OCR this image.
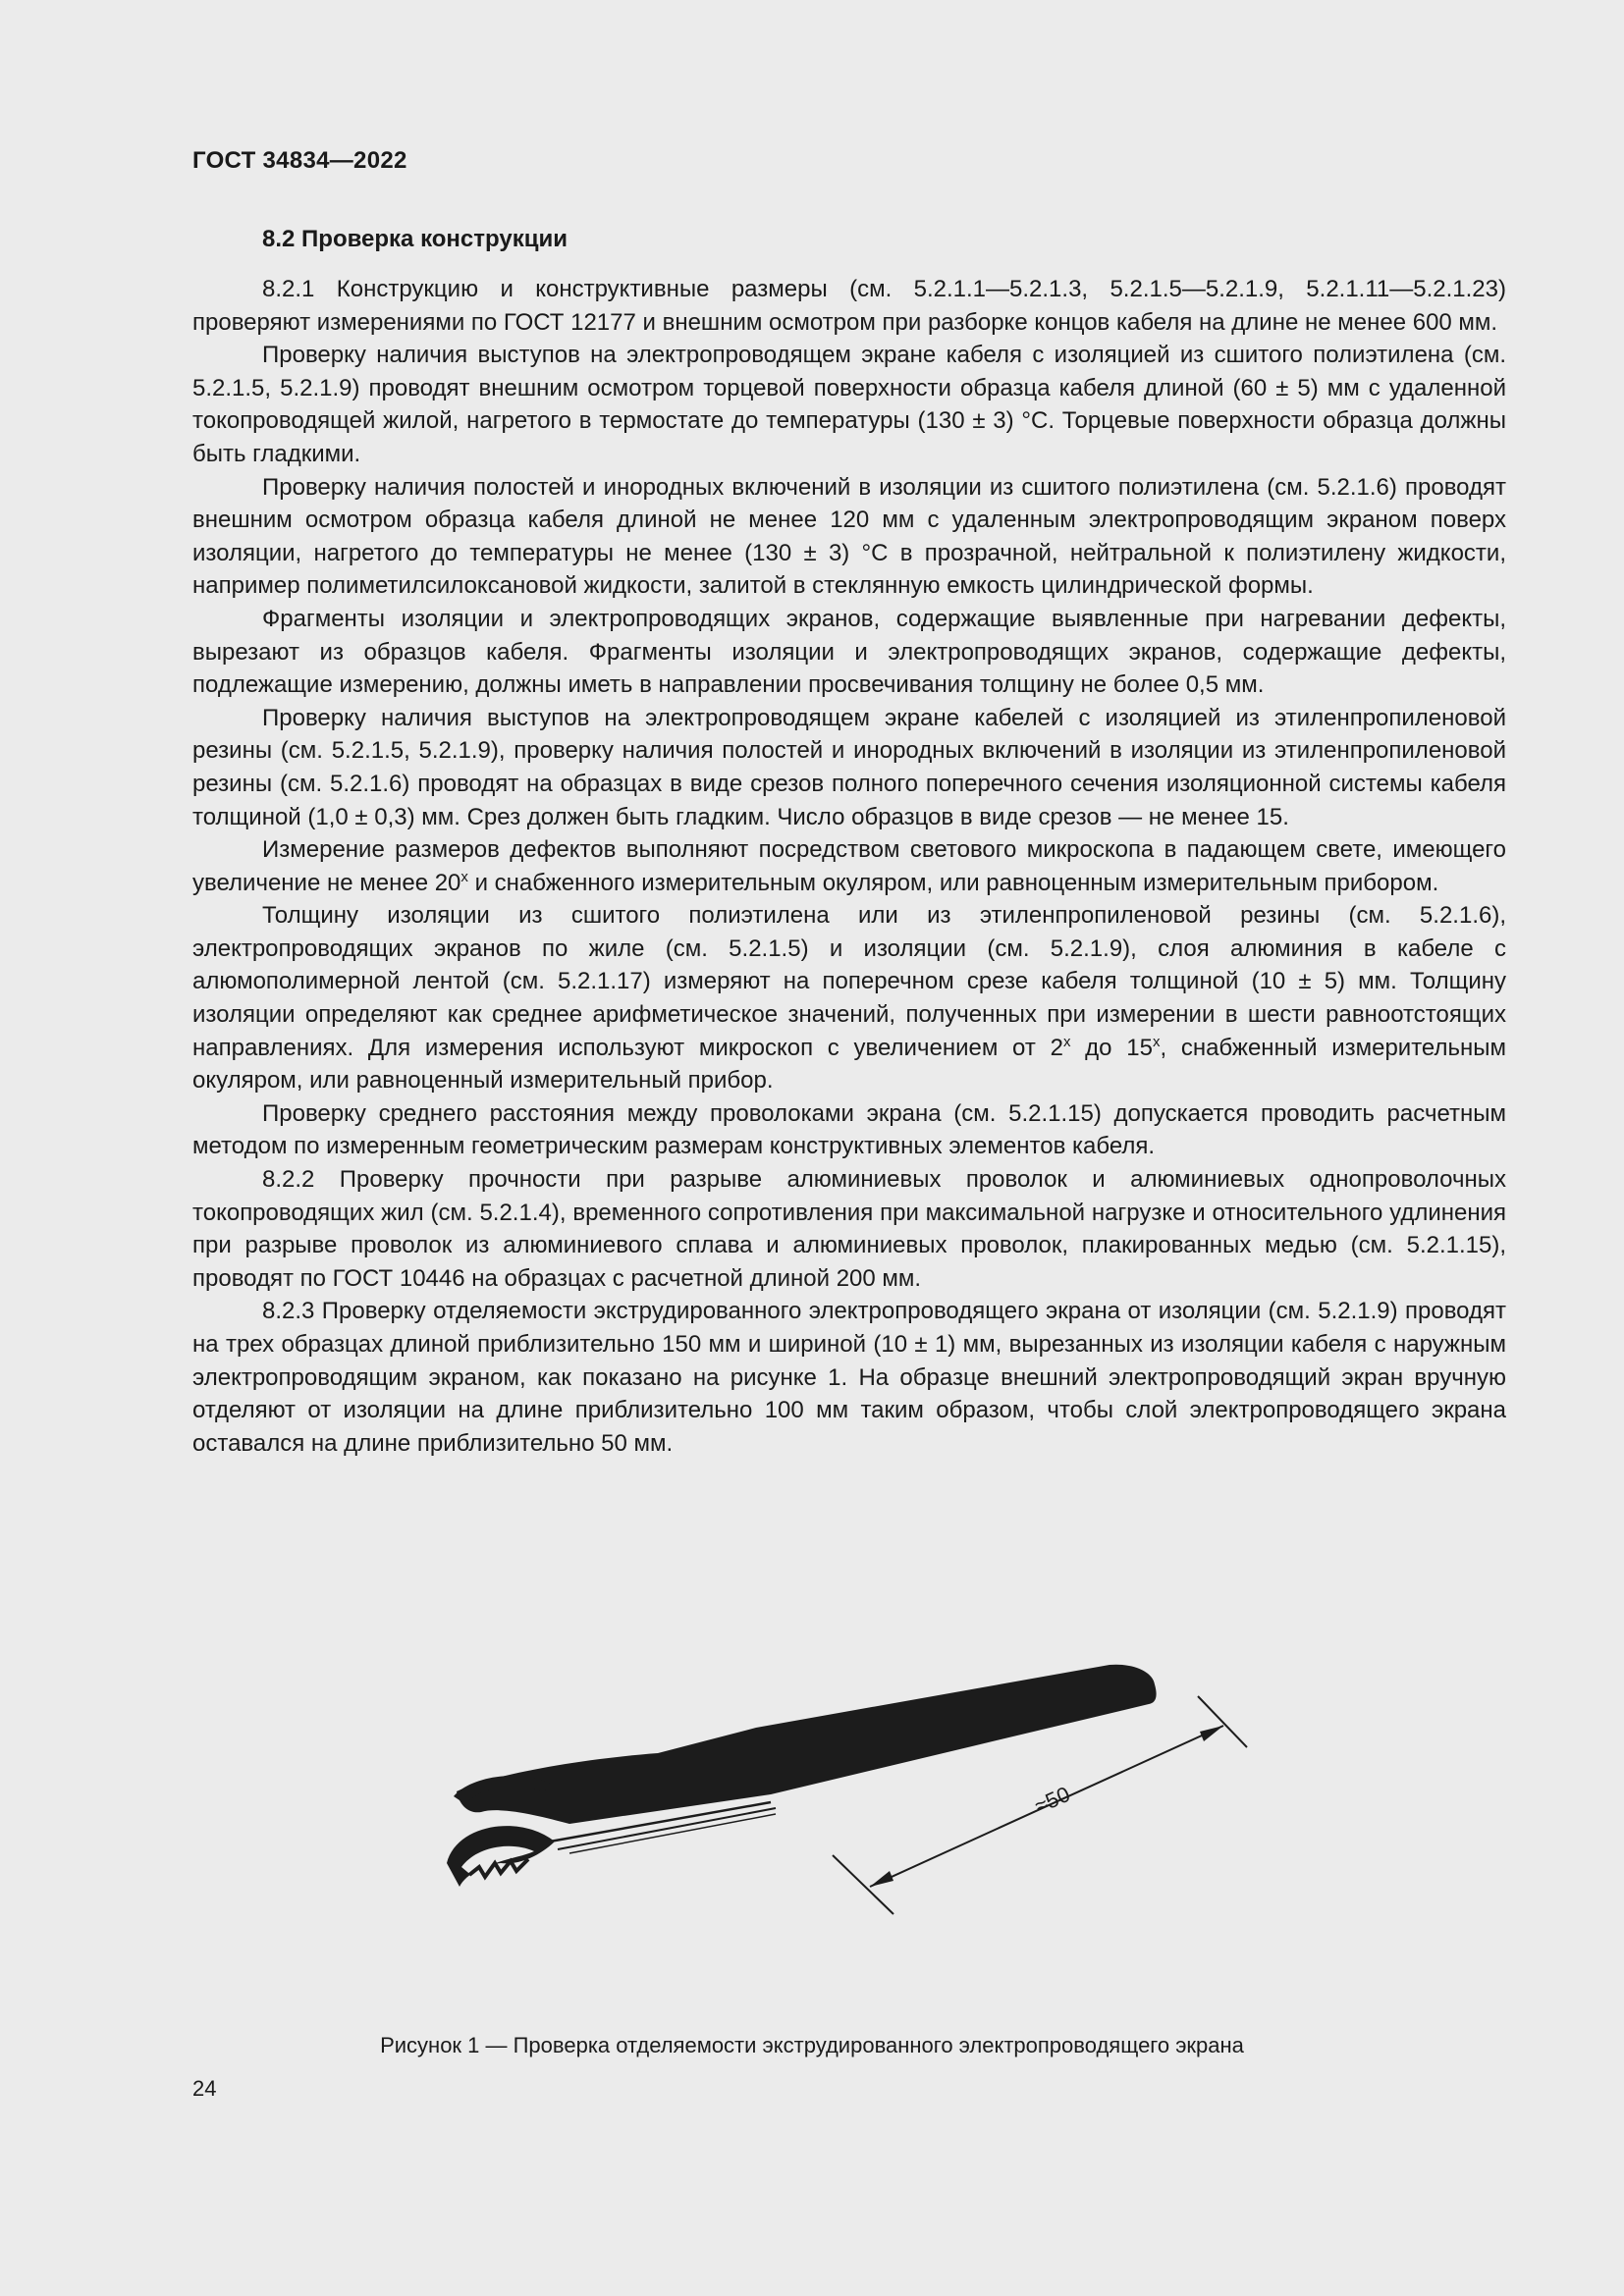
ГОСТ 34834—2022
8.2 Проверка конструкции

8.2.1 Конструкцию и конструктивные размеры (см. 5.2.1.1—5.2.1.3, 5.2.1.5—5.2.1.9, 5.2.1.11—5.2.1.23) проверяют измерениями по ГОСТ 12177 и внешним осмотром при разборке концов кабеля на длине не менее 600 мм.

Проверку наличия выступов на электропроводящем экране кабеля с изоляцией из сшитого полиэтилена (см. 5.2.1.5, 5.2.1.9) проводят внешним осмотром торцевой поверхности образца кабеля длиной (60 ± 5) мм с удаленной токопроводящей жилой, нагретого в термостате до температуры (130 ± 3) °С. Торцевые поверхности образца должны быть гладкими.

Проверку наличия полостей и инородных включений в изоляции из сшитого полиэтилена (см. 5.2.1.6) проводят внешним осмотром образца кабеля длиной не менее 120 мм с удаленным электропроводящим экраном поверх изоляции, нагретого до температуры не менее (130 ± 3) °С в прозрачной, нейтральной к полиэтилену жидкости, например полиметилсилоксановой жидкости, залитой в стеклянную емкость цилиндрической формы.

Фрагменты изоляции и электропроводящих экранов, содержащие выявленные при нагревании дефекты, вырезают из образцов кабеля. Фрагменты изоляции и электропроводящих экранов, содержащие дефекты, подлежащие измерению, должны иметь в направлении просвечивания толщину не более 0,5 мм.

Проверку наличия выступов на электропроводящем экране кабелей с изоляцией из этиленпропиленовой резины (см. 5.2.1.5, 5.2.1.9), проверку наличия полостей и инородных включений в изоляции из этиленпропиленовой резины (см. 5.2.1.6) проводят на образцах в виде срезов полного поперечного сечения изоляционной системы кабеля толщиной (1,0 ± 0,3) мм. Срез должен быть гладким. Число образцов в виде срезов — не менее 15.

Измерение размеров дефектов выполняют посредством светового микроскопа в падающем свете, имеющего увеличение не менее $20^х$ и снабженного измерительным окуляром, или равноценным измерительным прибором.

Толщину изоляции из сшитого полиэтилена или из этиленпропиленовой резины (см. 5.2.1.6), электропроводящих экранов по жиле (см. 5.2.1.5) и изоляции (см. 5.2.1.9), слоя алюминия в кабеле с алюмополимерной лентой (см. 5.2.1.17) измеряют на поперечном срезе кабеля толщиной (10 ± 5) мм. Толщину изоляции определяют как среднее арифметическое значений, полученных при измерении в шести равноотстоящих направлениях. Для измерения используют микроскоп с увеличением от $2^х$ до $15^х$, снабженный измерительным окуляром, или равноценный измерительный прибор.

Проверку среднего расстояния между проволоками экрана (см. 5.2.1.15) допускается проводить расчетным методом по измеренным геометрическим размерам конструктивных элементов кабеля.

8.2.2 Проверку прочности при разрыве алюминиевых проволок и алюминиевых однопроволочных токопроводящих жил (см. 5.2.1.4), временного сопротивления при максимальной нагрузке и относительного удлинения при разрыве проволок из алюминиевого сплава и алюминиевых проволок, плакированных медью (см. 5.2.1.15), проводят по ГОСТ 10446 на образцах с расчетной длиной 200 мм.

8.2.3 Проверку отделяемости экструдированного электропроводящего экрана от изоляции (см. 5.2.1.9) проводят на трех образцах длиной приблизительно 150 мм и шириной (10 ± 1) мм, вырезанных из изоляции кабеля с наружным электропроводящим экраном, как показано на рисунке 1. На образце внешний электропроводящий экран вручную отделяют от изоляции на длине приблизительно 100 мм таким образом, чтобы слой электропроводящего экрана оставался на длине приблизительно 50 мм.

≈50
Рисунок 1 — Проверка отделяемости экструдированного электропроводящего экрана
24
